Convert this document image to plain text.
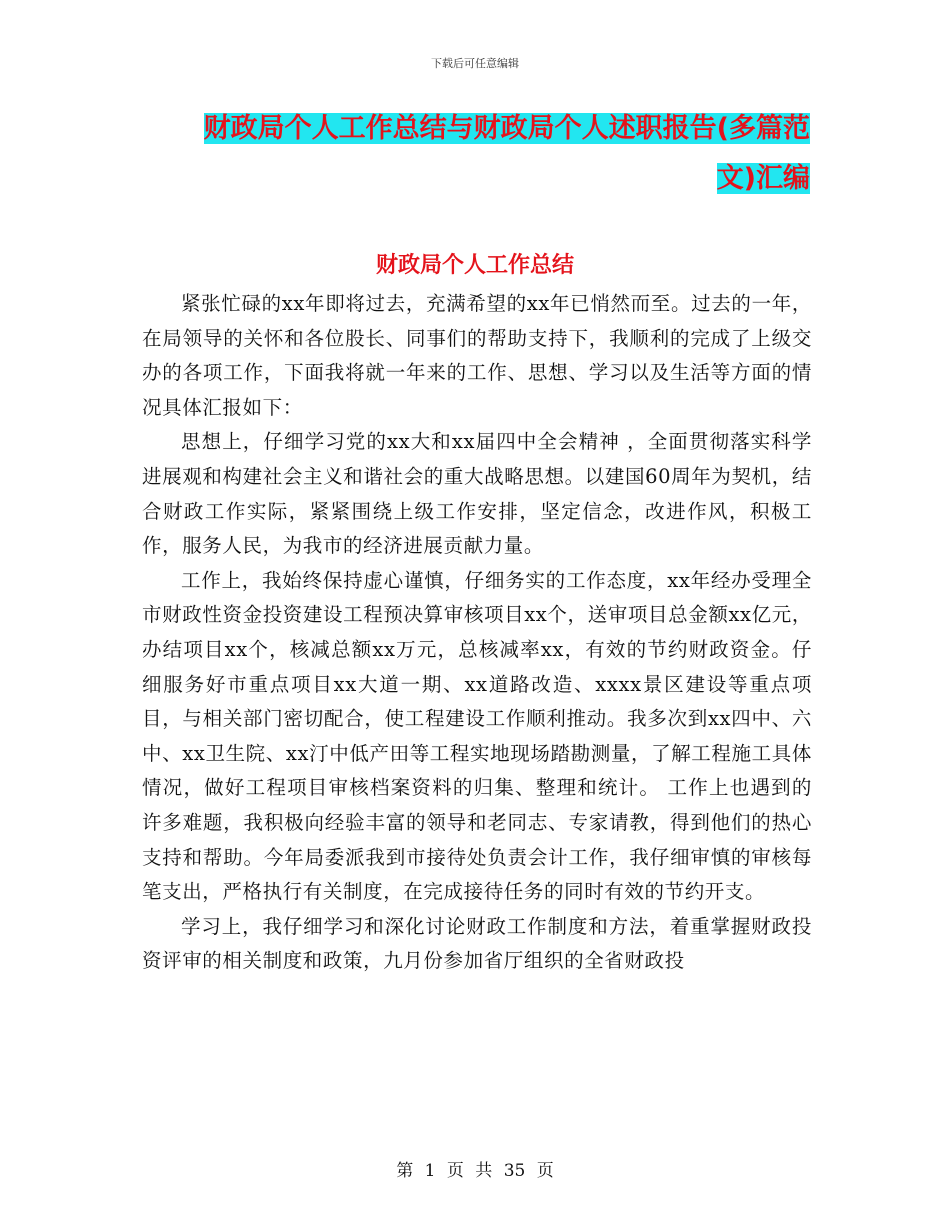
下载后可任意编辑
财政局个人工作总结与财政局个人述职报告(多篇范
文)汇编
财政局个人工作总结

紧张忙碌的xx年即将过去，充满希望的xx年已悄然而至。过去的一年，在局领导的关怀和各位股长、同事们的帮助支持下，我顺利的完成了上级交办的各项工作，下面我将就一年来的工作、思想、学习以及生活等方面的情况具体汇报如下：

思想上，仔细学习党的xx大和xx届四中全会精神 ，全面贯彻落实科学进展观和构建社会主义和谐社会的重大战略思想。以建国60周年为契机，结合财政工作实际，紧紧围绕上级工作安排，坚定信念，改进作风，积极工作，服务人民，为我市的经济进展贡献力量。

工作上，我始终保持虚心谨慎，仔细务实的工作态度，xx年经办受理全市财政性资金投资建设工程预决算审核项目xx个，送审项目总金额xx亿元，办结项目xx个，核减总额xx万元，总核减率xx，有效的节约财政资金。仔细服务好市重点项目xx大道一期、xx道路改造、xxxx景区建设等重点项目，与相关部门密切配合，使工程建设工作顺利推动。我多次到xx四中、六中、xx卫生院、xx汀中低产田等工程实地现场踏勘测量，了解工程施工具体情况，做好工程项目审核档案资料的归集、整理和统计。 工作上也遇到的许多难题，我积极向经验丰富的领导和老同志、专家请教，得到他们的热心支持和帮助。今年局委派我到市接待处负责会计工作，我仔细审慎的审核每笔支出，严格执行有关制度，在完成接待任务的同时有效的节约开支。

学习上，我仔细学习和深化讨论财政工作制度和方法，着重掌握财政投资评审的相关制度和政策，九月份参加省厅组织的全省财政投

第 1 页 共 35 页
